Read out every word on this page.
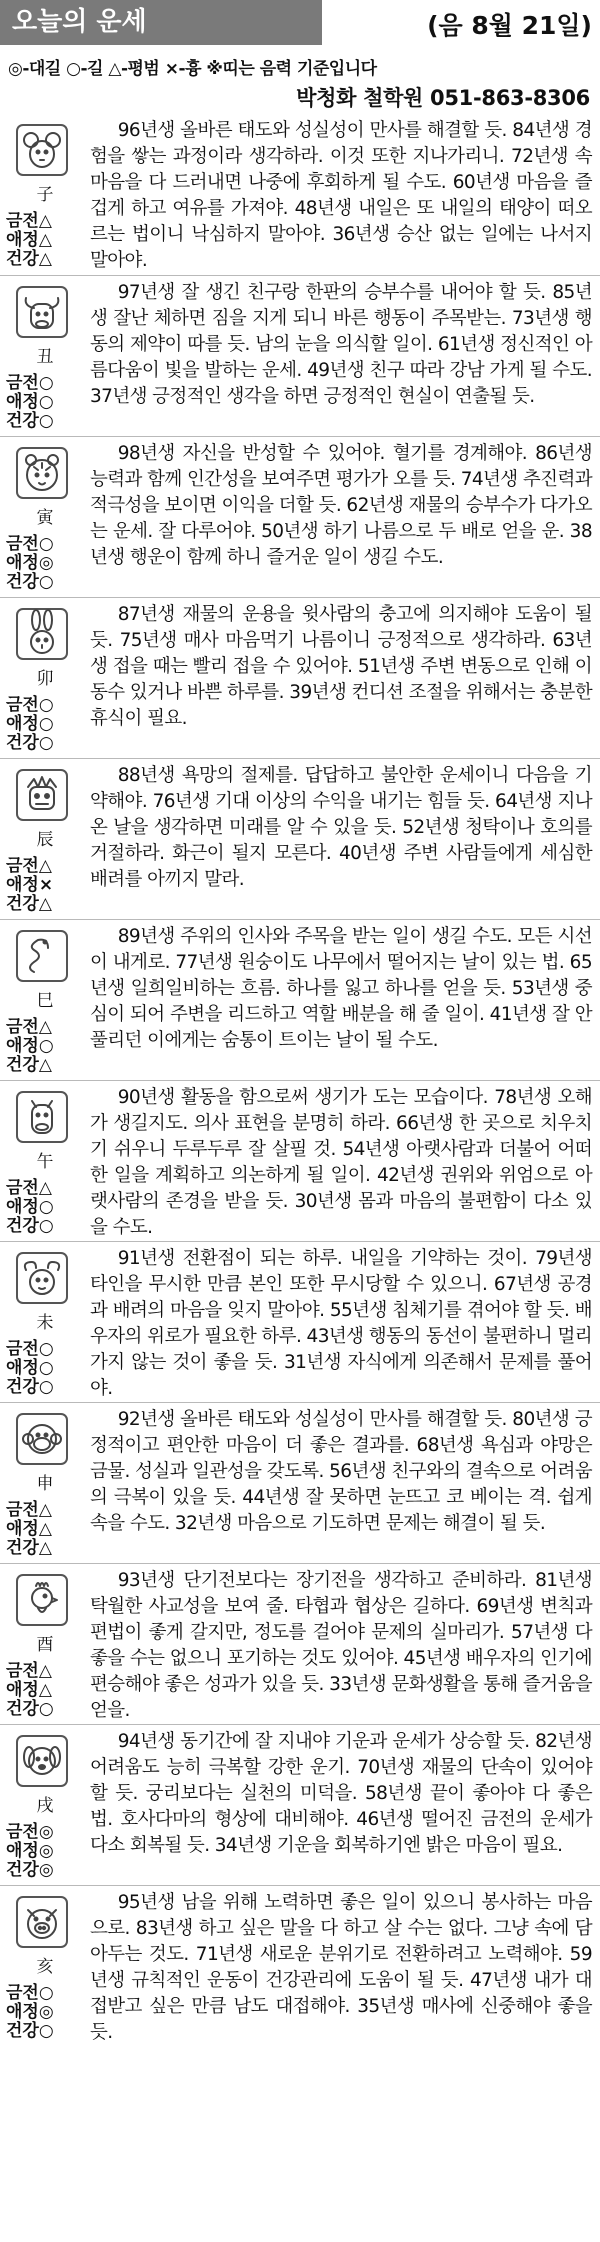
오늘의 운세	(음 8월 21일)
◎-대길 ○-길 △-평범 ×-흉 ※띠는 음력 기준입니다
박청화 철학원 051-863-8306
子
금전△
애정△
건강△
96년생 올바른 태도와 성실성이 만사를 해결할 듯. 84년생 경험을 쌓는 과정이라 생각하라. 이것 또한 지나가리니. 72년생 속마음을 다 드러내면 나중에 후회하게 될 수도. 60년생 마음을 즐겁게 하고 여유를 가져야. 48년생 내일은 또 내일의 태양이 떠오르는 법이니 낙심하지 말아야. 36년생 승산 없는 일에는 나서지 말아야.
丑
금전○
애정○
건강○
97년생 잘 생긴 친구랑 한판의 승부수를 내어야 할 듯. 85년생 잘난 체하면 짐을 지게 되니 바른 행동이 주목받는. 73년생 행동의 제약이 따를 듯. 남의 눈을 의식할 일이. 61년생 정신적인 아름다움이 빛을 발하는 운세. 49년생 친구 따라 강남 가게 될 수도. 37년생 긍정적인 생각을 하면 긍정적인 현실이 연출될 듯.
寅
금전○
애정◎
건강○
98년생 자신을 반성할 수 있어야. 혈기를 경계해야. 86년생 능력과 함께 인간성을 보여주면 평가가 오를 듯. 74년생 추진력과 적극성을 보이면 이익을 더할 듯. 62년생 재물의 승부수가 다가오는 운세. 잘 다루어야. 50년생 하기 나름으로 두 배로 얻을 운. 38년생 행운이 함께 하니 즐거운 일이 생길 수도.
卯
금전○
애정○
건강○
87년생 재물의 운용을 윗사람의 충고에 의지해야 도움이 될 듯. 75년생 매사 마음먹기 나름이니 긍정적으로 생각하라. 63년생 접을 때는 빨리 접을 수 있어야. 51년생 주변 변동으로 인해 이동수 있거나 바쁜 하루를. 39년생 컨디션 조절을 위해서는 충분한 휴식이 필요.
辰
금전△
애정×
건강△
88년생 욕망의 절제를. 답답하고 불안한 운세이니 다음을 기약해야. 76년생 기대 이상의 수익을 내기는 힘들 듯. 64년생 지나온 날을 생각하면 미래를 알 수 있을 듯. 52년생 청탁이나 호의를 거절하라. 화근이 될지 모른다. 40년생 주변 사람들에게 세심한 배려를 아끼지 말라.
巳
금전△
애정○
건강△
89년생 주위의 인사와 주목을 받는 일이 생길 수도. 모든 시선이 내게로. 77년생 원숭이도 나무에서 떨어지는 날이 있는 법. 65년생 일희일비하는 흐름. 하나를 잃고 하나를 얻을 듯. 53년생 중심이 되어 주변을 리드하고 역할 배분을 해 줄 일이. 41년생 잘 안 풀리던 이에게는 숨통이 트이는 날이 될 수도.
午
금전△
애정○
건강○
90년생 활동을 함으로써 생기가 도는 모습이다. 78년생 오해가 생길지도. 의사 표현을 분명히 하라. 66년생 한 곳으로 치우치기 쉬우니 두루두루 잘 살필 것. 54년생 아랫사람과 더불어 어떠한 일을 계획하고 의논하게 될 일이. 42년생 권위와 위엄으로 아랫사람의 존경을 받을 듯. 30년생 몸과 마음의 불편함이 다소 있을 수도.
未
금전○
애정○
건강○
91년생 전환점이 되는 하루. 내일을 기약하는 것이. 79년생 타인을 무시한 만큼 본인 또한 무시당할 수 있으니. 67년생 공경과 배려의 마음을 잊지 말아야. 55년생 침체기를 겪어야 할 듯. 배우자의 위로가 필요한 하루. 43년생 행동의 동선이 불편하니 멀리 가지 않는 것이 좋을 듯. 31년생 자식에게 의존해서 문제를 풀어야.
申
금전△
애정△
건강△
92년생 올바른 태도와 성실성이 만사를 해결할 듯. 80년생 긍정적이고 편안한 마음이 더 좋은 결과를. 68년생 욕심과 야망은 금물. 성실과 일관성을 갖도록. 56년생 친구와의 결속으로 어려움의 극복이 있을 듯. 44년생 잘 못하면 눈뜨고 코 베이는 격. 쉽게 속을 수도. 32년생 마음으로 기도하면 문제는 해결이 될 듯.
酉
금전△
애정△
건강○
93년생 단기전보다는 장기전을 생각하고 준비하라. 81년생 탁월한 사교성을 보여 줄. 타협과 협상은 길하다. 69년생 변칙과 편법이 좋게 갈지만, 정도를 걸어야 문제의 실마리가. 57년생 다 좋을 수는 없으니 포기하는 것도 있어야. 45년생 배우자의 인기에 편승해야 좋은 성과가 있을 듯. 33년생 문화생활을 통해 즐거움을 얻을.
戌
금전◎
애정◎
건강◎
94년생 동기간에 잘 지내야 기운과 운세가 상승할 듯. 82년생 어려움도 능히 극복할 강한 운기. 70년생 재물의 단속이 있어야 할 듯. 궁리보다는 실천의 미덕을. 58년생 끝이 좋아야 다 좋은 법. 호사다마의 형상에 대비해야. 46년생 떨어진 금전의 운세가 다소 회복될 듯. 34년생 기운을 회복하기엔 밝은 마음이 필요.
亥
금전○
애정◎
건강○
95년생 남을 위해 노력하면 좋은 일이 있으니 봉사하는 마음으로. 83년생 하고 싶은 말을 다 하고 살 수는 없다. 그냥 속에 담아두는 것도. 71년생 새로운 분위기로 전환하려고 노력해야. 59년생 규칙적인 운동이 건강관리에 도움이 될 듯. 47년생 내가 대접받고 싶은 만큼 남도 대접해야. 35년생 매사에 신중해야 좋을 듯.
